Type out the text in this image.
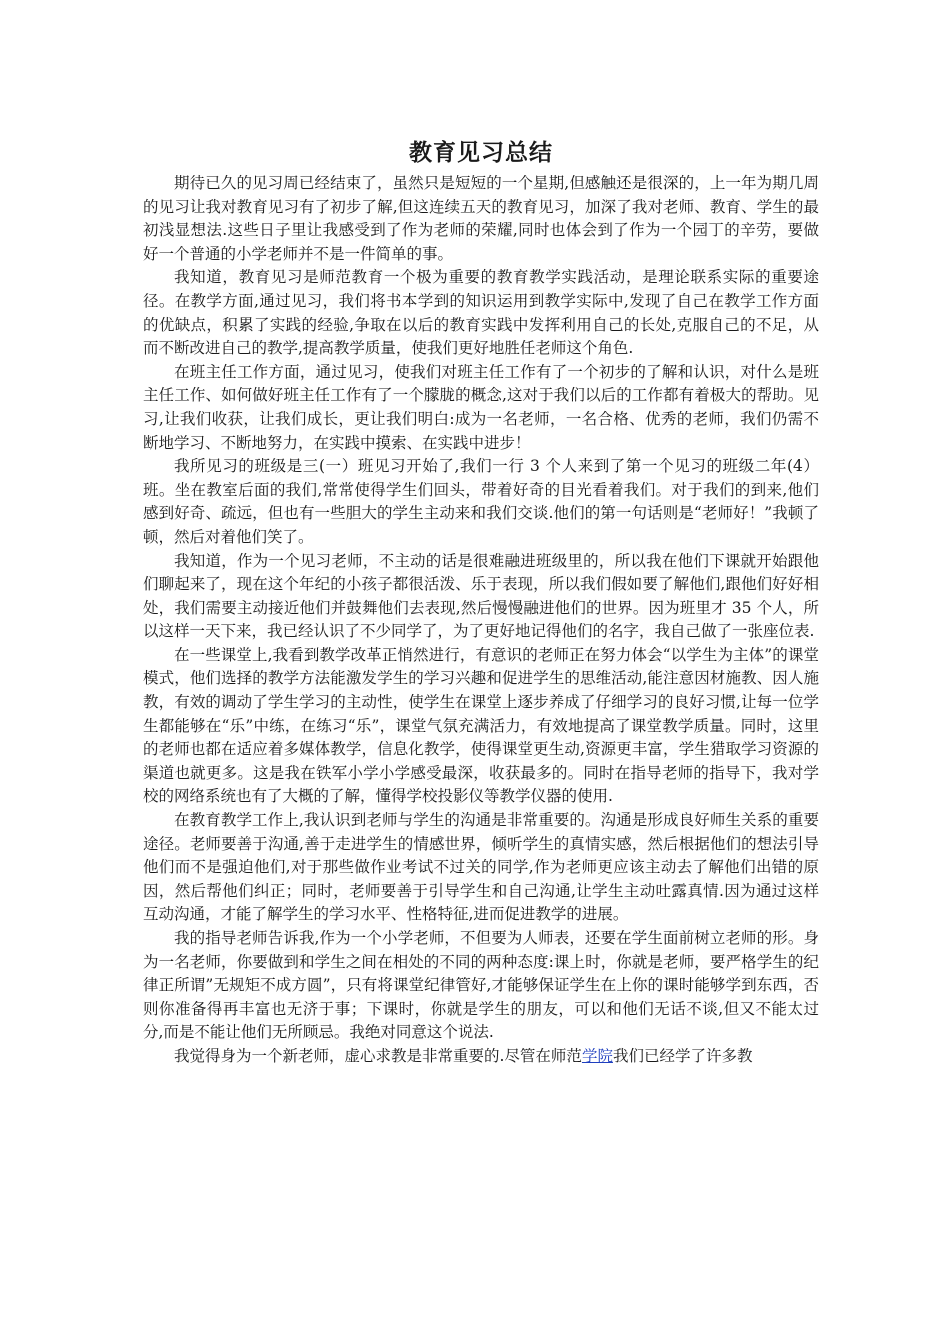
教育见习总结

期待已久的见习周已经结束了，虽然只是短短的一个星期,但感触还是很深的，上一年为期几周的见习让我对教育见习有了初步了解,但这连续五天的教育见习，加深了我对老师、教育、学生的最初浅显想法.这些日子里让我感受到了作为老师的荣耀,同时也体会到了作为一个园丁的辛劳，要做好一个普通的小学老师并不是一件简单的事。

我知道，教育见习是师范教育一个极为重要的教育教学实践活动，是理论联系实际的重要途径。在教学方面,通过见习，我们将书本学到的知识运用到教学实际中,发现了自己在教学工作方面的优缺点，积累了实践的经验,争取在以后的教育实践中发挥利用自己的长处,克服自己的不足，从而不断改进自己的教学,提高教学质量，使我们更好地胜任老师这个角色.

在班主任工作方面，通过见习，使我们对班主任工作有了一个初步的了解和认识，对什么是班主任工作、如何做好班主任工作有了一个朦胧的概念,这对于我们以后的工作都有着极大的帮助。见习,让我们收获，让我们成长，更让我们明白:成为一名老师，一名合格、优秀的老师，我们仍需不断地学习、不断地努力，在实践中摸索、在实践中进步！

我所见习的班级是三(一）班见习开始了,我们一行 3 个人来到了第一个见习的班级二年(4）班。坐在教室后面的我们,常常使得学生们回头，带着好奇的目光看着我们。对于我们的到来,他们感到好奇、疏远，但也有一些胆大的学生主动来和我们交谈.他们的第一句话则是“老师好！”我顿了顿，然后对着他们笑了。

我知道，作为一个见习老师，不主动的话是很难融进班级里的，所以我在他们下课就开始跟他们聊起来了，现在这个年纪的小孩子都很活泼、乐于表现，所以我们假如要了解他们,跟他们好好相处，我们需要主动接近他们并鼓舞他们去表现,然后慢慢融进他们的世界。因为班里才 35 个人，所以这样一天下来，我已经认识了不少同学了，为了更好地记得他们的名字，我自己做了一张座位表.

在一些课堂上,我看到教学改革正悄然进行，有意识的老师正在努力体会“以学生为主体”的课堂模式，他们选择的教学方法能激发学生的学习兴趣和促进学生的思维活动,能注意因材施教、因人施教，有效的调动了学生学习的主动性，使学生在课堂上逐步养成了仔细学习的良好习惯,让每一位学生都能够在“乐”中练，在练习“乐”，课堂气氛充满活力，有效地提高了课堂教学质量。同时，这里的老师也都在适应着多媒体教学，信息化教学，使得课堂更生动,资源更丰富，学生猎取学习资源的渠道也就更多。这是我在铁军小学小学感受最深，收获最多的。同时在指导老师的指导下，我对学校的网络系统也有了大概的了解，懂得学校投影仪等教学仪器的使用.

在教育教学工作上,我认识到老师与学生的沟通是非常重要的。沟通是形成良好师生关系的重要途径。老师要善于沟通,善于走进学生的情感世界，倾听学生的真情实感，然后根据他们的想法引导他们而不是强迫他们,对于那些做作业考试不过关的同学,作为老师更应该主动去了解他们出错的原因，然后帮他们纠正；同时，老师要善于引导学生和自己沟通,让学生主动吐露真情.因为通过这样互动沟通，才能了解学生的学习水平、性格特征,进而促进教学的进展。

我的指导老师告诉我,作为一个小学老师，不但要为人师表，还要在学生面前树立老师的形。身为一名老师，你要做到和学生之间在相处的不同的两种态度:课上时，你就是老师，要严格学生的纪律正所谓”无规矩不成方圆”，只有将课堂纪律管好,才能够保证学生在上你的课时能够学到东西，否则你准备得再丰富也无济于事；下课时，你就是学生的朋友，可以和他们无话不谈,但又不能太过分,而是不能让他们无所顾忌。我绝对同意这个说法.

我觉得身为一个新老师，虚心求教是非常重要的.尽管在师范学院我们已经学了许多教
